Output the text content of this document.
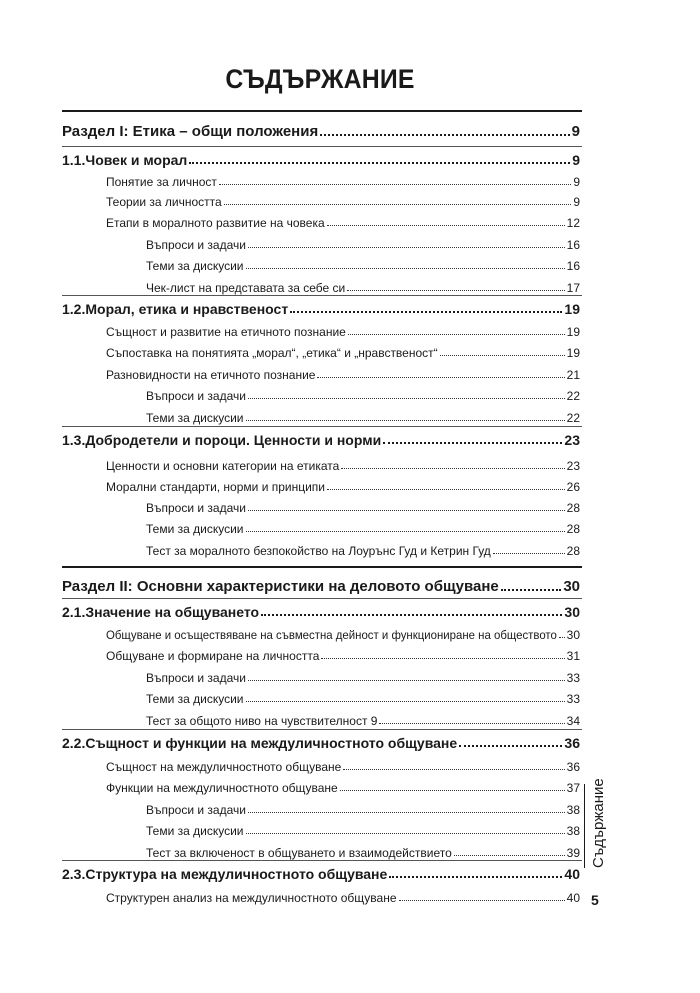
СЪДЪРЖАНИЕ
Раздел I: Етика – общи положения	9
1.1.Човек и морал	9
Понятие за личност	9
Теории за личността	9
Етапи в моралното развитие на човека	12
Въпроси и задачи	16
Теми за дискусии	16
Чек-лист на представата за себе си	17
1.2.Морал, етика и нравственост	19
Същност и развитие на етичното познание	19
Съпоставка на понятията „морал“, „етика“ и „нравственост“	19
Разновидности на етичното познание	21
Въпроси и задачи	22
Теми за дискусии	22
1.3.Добродетели и пороци. Ценности и норми	23
Ценности и основни категории на етиката	23
Морални стандарти, норми и принципи	26
Въпроси и задачи	28
Теми за дискусии	28
Тест за моралното безпокойство на Лоурънс Гуд и Кетрин Гуд	28
Раздел II: Основни характеристики на деловото общуване	30
2.1.Значение на общуването	30
Общуване и осъществяване на съвместна дейност и функциониране на обществото 30
Общуване и формиране на личността	31
Въпроси и задачи	33
Теми за дискусии	33
Тест за общото ниво на чувствителност 9	34
2.2.Същност и функции на междуличностното общуване	36
Същност на междуличностното общуване	36
Функции на междуличностното общуване	37
Въпроси и задачи	38
Теми за дискусии	38
Тест за включеност в общуването и взаимодействието	39
2.3.Структура на междуличностното общуване	40
Структурен анализ на междуличностното общуване	40
Съдържание
5
